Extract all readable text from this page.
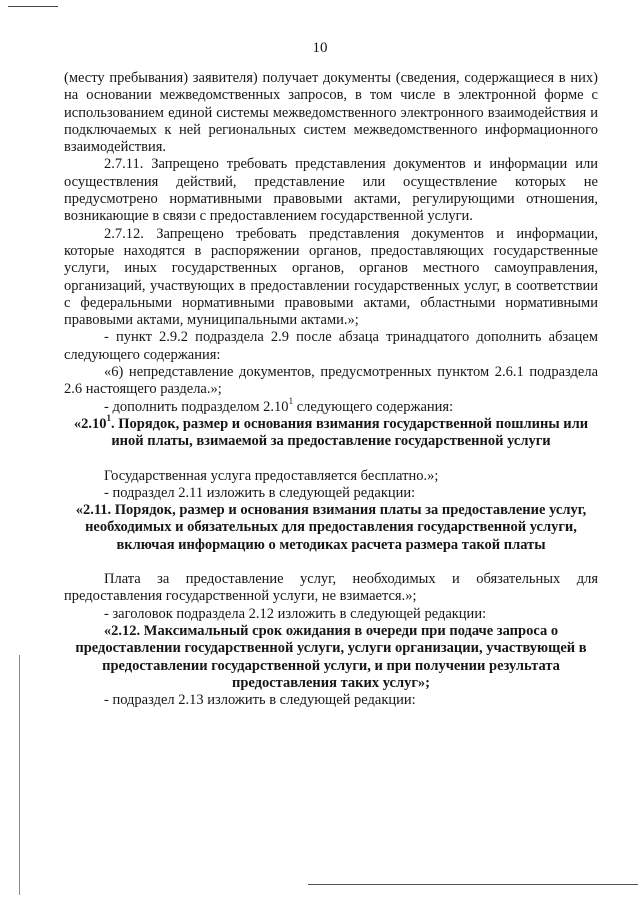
10

(месту пребывания) заявителя) получает документы (сведения, содержащиеся в них) на основании межведомственных запросов, в том числе в электронной форме с использованием единой системы межведомственного электронного взаимодействия и подключаемых к ней региональных систем межведомственного информационного взаимодействия.

2.7.11. Запрещено требовать представления документов и информации или осуществления действий, представление или осуществление которых не предусмотрено нормативными правовыми актами, регулирующими отношения, возникающие в связи с предоставлением государственной услуги.

2.7.12. Запрещено требовать представления документов и информации, которые находятся в распоряжении органов, предоставляющих государственные услуги, иных государственных органов, органов местного самоуправления, организаций, участвующих в предоставлении государственных услуг, в соответствии с федеральными нормативными правовыми актами, областными нормативными правовыми актами, муниципальными актами.»;

- пункт 2.9.2 подраздела 2.9 после абзаца тринадцатого дополнить абзацем следующего содержания:

«6) непредставление документов, предусмотренных пунктом 2.6.1 подраздела 2.6 настоящего раздела.»;

- дополнить подразделом 2.10$^1$ следующего содержания:

«2.10$^1$. Порядок, размер и основания взимания государственной пошлины или иной платы, взимаемой за предоставление государственной услуги

Государственная услуга предоставляется бесплатно.»;

- подраздел 2.11 изложить в следующей редакции:

«2.11. Порядок, размер и основания взимания платы за предоставление услуг, необходимых и обязательных для предоставления государственной услуги, включая информацию о методиках расчета размера такой платы

Плата за предоставление услуг, необходимых и обязательных для предоставления государственной услуги, не взимается.»;

- заголовок подраздела 2.12 изложить в следующей редакции:

«2.12. Максимальный срок ожидания в очереди при подаче запроса о предоставлении государственной услуги, услуги организации, участвующей в предоставлении государственной услуги, и при получении результата предоставления таких услуг»;

- подраздел 2.13 изложить в следующей редакции:
